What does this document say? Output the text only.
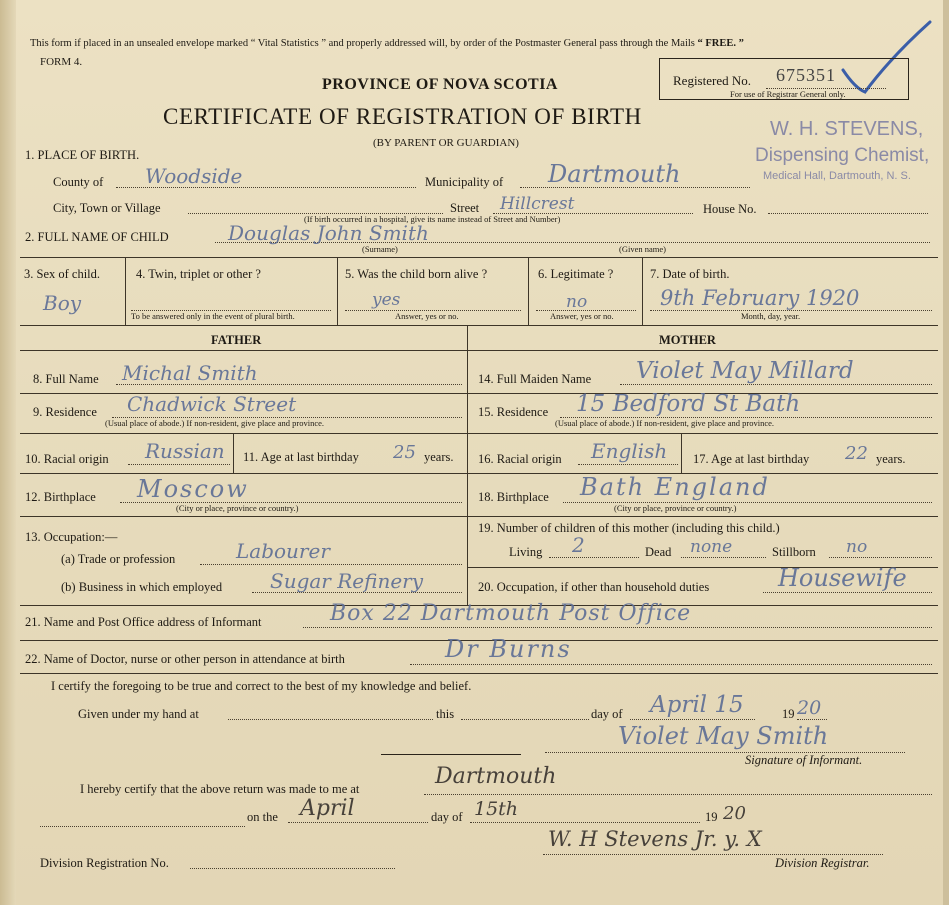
This form if placed in an unsealed envelope marked “ Vital Statistics ” and properly addressed will, by order of the Postmaster General pass through the Mails “ FREE. ”
FORM 4.
PROVINCE OF NOVA SCOTIA
CERTIFICATE OF REGISTRATION OF BIRTH
(BY PARENT OR GUARDIAN)
Registered No. 675351
For use of Registrar General only.
W. H. STEVENS,
Dispensing Chemist,
Medical Hall, Dartmouth, N. S.
1. PLACE OF BIRTH.
County of Woodside	Municipality of Dartmouth
City, Town or Village	Street Hillcrest	House No.
(If birth occurred in a hospital, give its name instead of Street and Number)
2. FULL NAME OF CHILD	Douglas John Smith
(Surname)	(Given name)
3. Sex of child.
Boy
4. Twin, triplet or other ?
To be answered only in the event of plural birth.
5. Was the child born alive ?
yes
Answer, yes or no.
6. Legitimate ?
no
Answer, yes or no.
7. Date of birth.
9th February 1920
Month, day, year.
FATHER	MOTHER
8. Full Name Michal Smith
9. Residence Chadwick Street
(Usual place of abode.) If non-resident, give place and province.
10. Racial origin Russian 11. Age at last birthday 25 years.
12. Birthplace Moscow
(City or place, province or country.)
13. Occupation:—
(a) Trade or profession	Labourer
(b) Business in which employed Sugar Refinery
14. Full Maiden Name Violet May Millard
15. Residence 15 Bedford St Bath
(Usual place of abode.) If non-resident, give place and province.
16. Racial origin English 17. Age at last birthday 22 years.
18. Birthplace Bath England
(City or place, province or country.)
19. Number of children of this mother (including this child.)
Living 2	Dead none	Stillborn no
20. Occupation, if other than household duties	Housewife
21. Name and Post Office address of Informant	Box 22 Dartmouth Post Office
22. Name of Doctor, nurse or other person in attendance at birth	Dr Burns
I certify the foregoing to be true and correct to the best of my knowledge and belief.
Given under my hand at	this	day of April 15	19 20
Violet May Smith
Signature of Informant.
I hereby certify that the above return was made to me at	Dartmouth
on the April	day of 15th	19 20
Division Registration No.
W. H Stevens Jr. y. X
Division Registrar.
